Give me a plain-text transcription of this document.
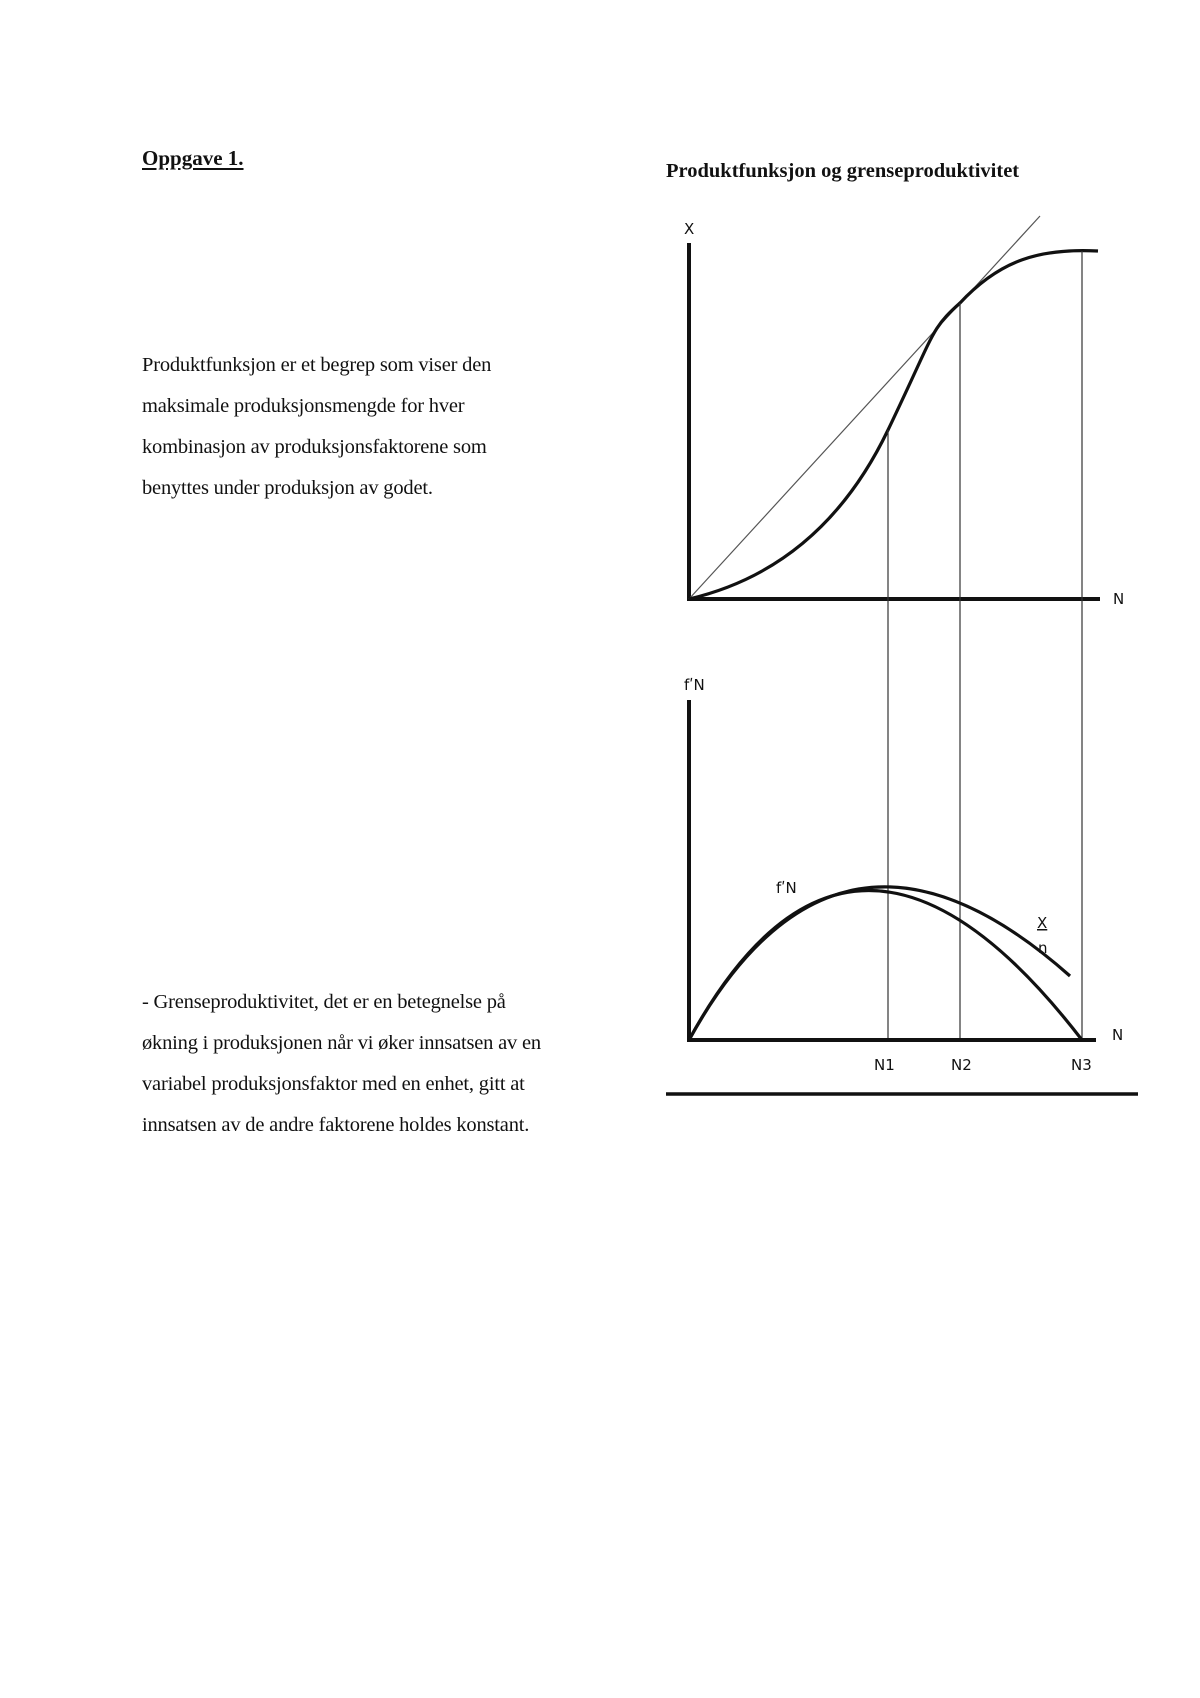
Oppgave 1.
Produktfunksjon er et begrep som viser den
maksimale produksjonsmengde for hver
kombinasjon av produksjonsfaktorene som
benyttes under produksjon av godet.
- Grenseproduktivitet, det er en betegnelse på
økning i produksjonen når vi øker innsatsen av en
variabel produksjonsfaktor med en enhet, gitt at
innsatsen av de andre faktorene holdes konstant.
Produktfunksjon og grenseproduktivitet
X
N
fʹN
N
fʹN
X
n
N1	N2	N3
